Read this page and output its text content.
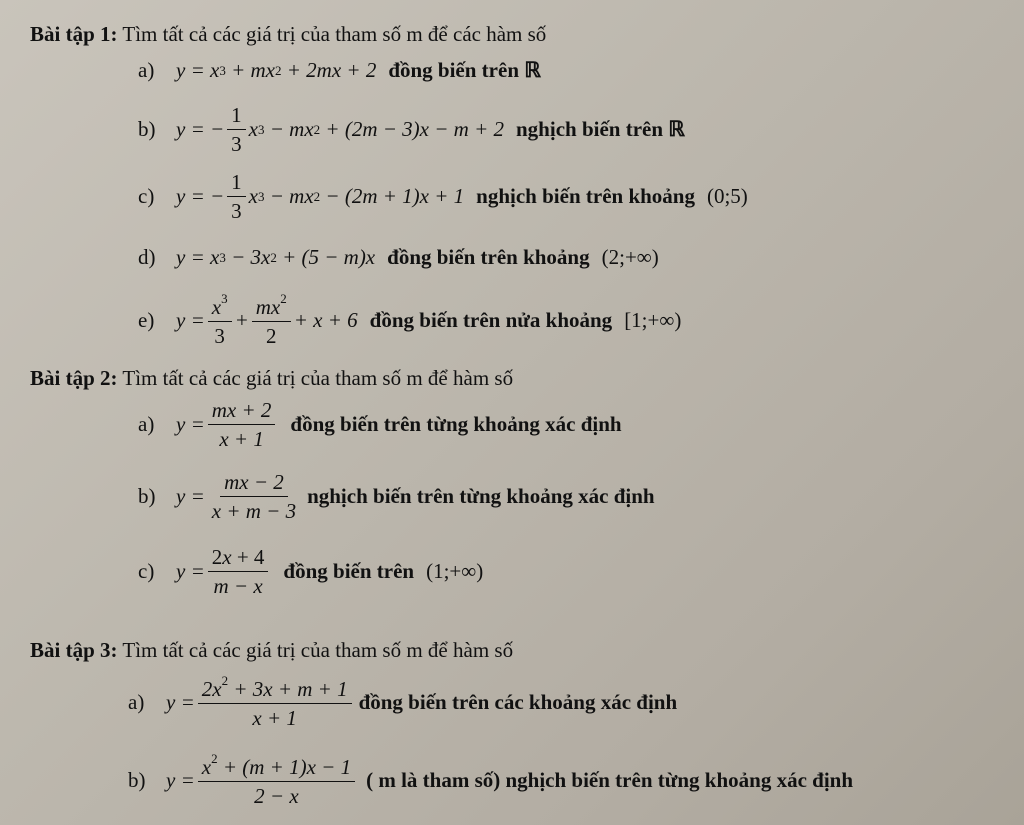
Bài tập 1: Tìm tất cả các giá trị của tham số m để các hàm số
a)	y = x 3 + mx 2 + 2mx + 2 đồng biến trên ℝ
b) y = − $\frac{1}{3}$ x 3 − mx 2 + (2m − 3)x − m + 2 nghịch biến trên ℝ
c)	y = − $\frac{1}{3}$ x 3 − mx 2 − (2m + 1)x + 1 nghịch biến trên khoảng (0;5)
d) y = x 3 − 3x 2 + (5 − m)x đồng biến trên khoảng (2;+∞)
e)	$y = \frac{x^3}{3} + \frac{mx^2}{2} + x + 6$ đồng biến trên nửa khoảng [1;+∞)
Bài tập 2: Tìm tất cả các giá trị của tham số m để hàm số
a)	$y = \frac{mx + 2}{x + 1}$ đồng biến trên từng khoảng xác định
b) $y = \frac{mx - 2}{x + m - 3}$ nghịch biến trên từng khoảng xác định
c)	$y = \frac{2x + 4}{m - x}$ đồng biến trên (1;+∞)
Bài tập 3: Tìm tất cả các giá trị của tham số m để hàm số
a)	$y = \frac{2x^2 + 3x + m + 1}{x + 1}$ đồng biến trên các khoảng xác định
b) $y = \frac{x^2 + (m + 1)x - 1}{2 - x}$ ( m là tham số) nghịch biến trên từng khoảng xác định
